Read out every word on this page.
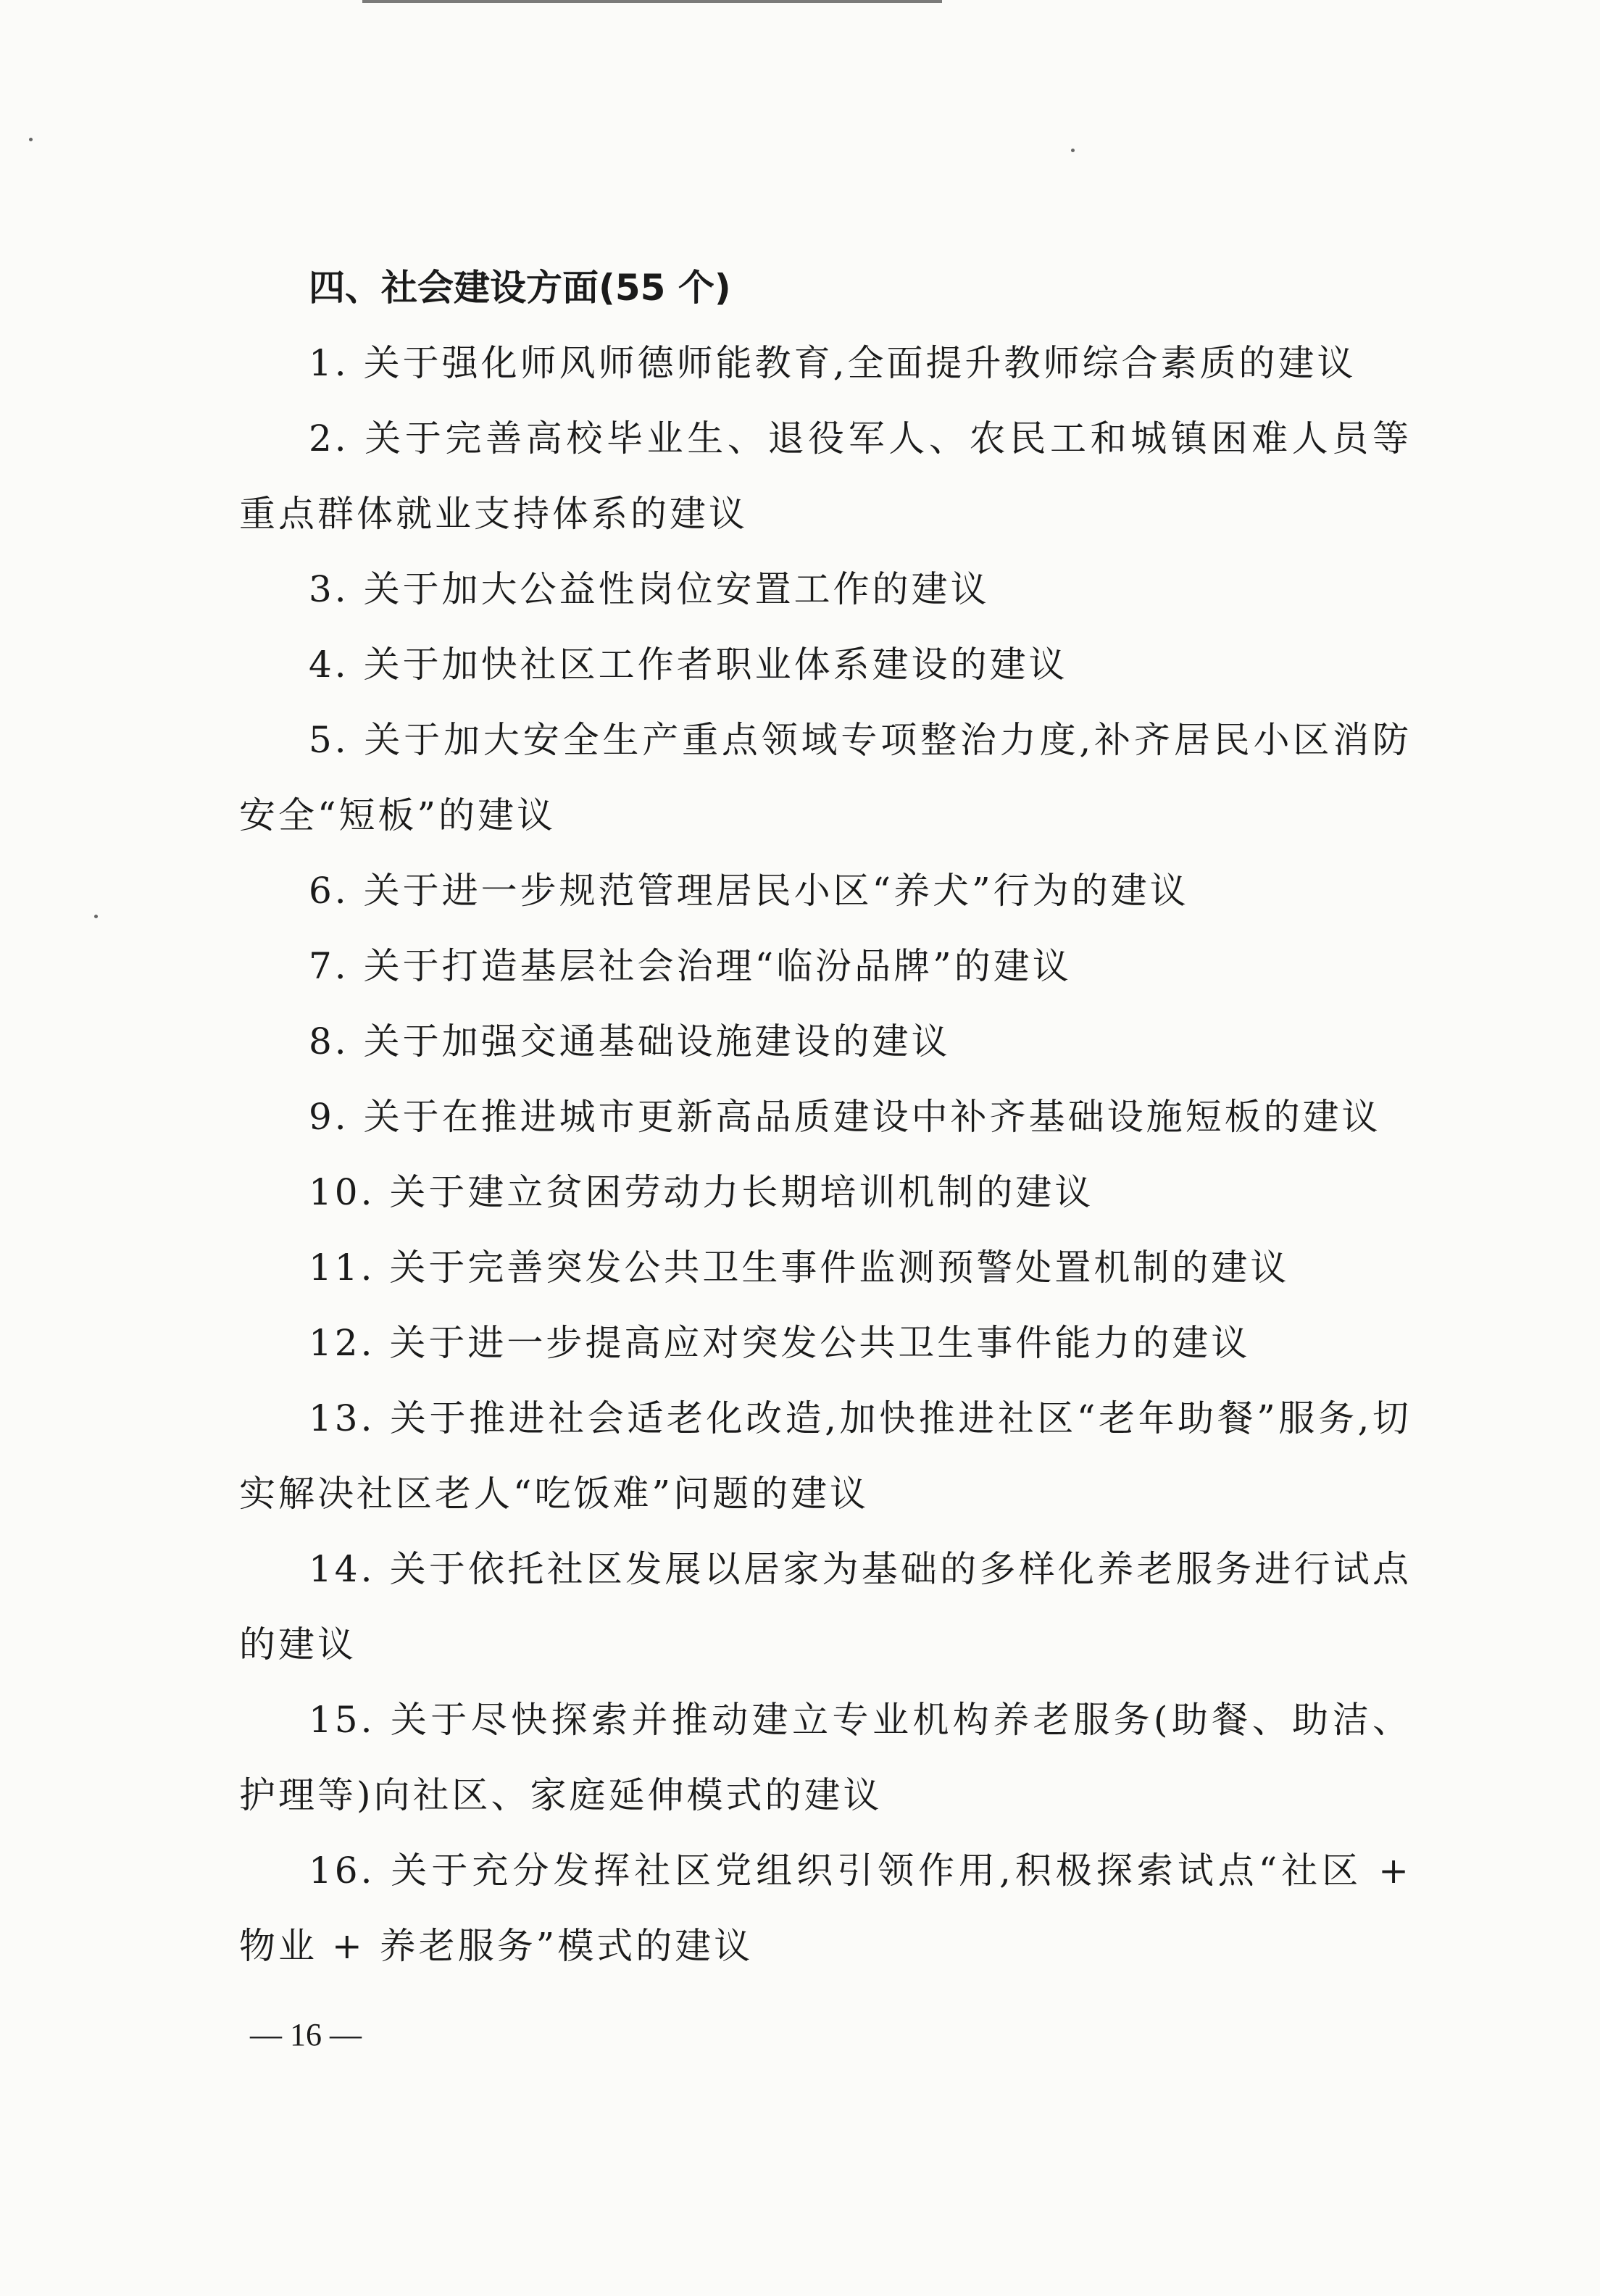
四、社会建设方面(55 个)
1. 关于强化师风师德师能教育,全面提升教师综合素质的建议
2. 关于完善高校毕业生、退役军人、农民工和城镇困难人员等重点群体就业支持体系的建议
3. 关于加大公益性岗位安置工作的建议
4. 关于加快社区工作者职业体系建设的建议
5. 关于加大安全生产重点领域专项整治力度,补齐居民小区消防安全“短板”的建议
6. 关于进一步规范管理居民小区“养犬”行为的建议
7. 关于打造基层社会治理“临汾品牌”的建议
8. 关于加强交通基础设施建设的建议
9. 关于在推进城市更新高品质建设中补齐基础设施短板的建议
10. 关于建立贫困劳动力长期培训机制的建议
11. 关于完善突发公共卫生事件监测预警处置机制的建议
12. 关于进一步提高应对突发公共卫生事件能力的建议
13. 关于推进社会适老化改造,加快推进社区“老年助餐”服务,切实解决社区老人“吃饭难”问题的建议
14. 关于依托社区发展以居家为基础的多样化养老服务进行试点的建议
15. 关于尽快探索并推动建立专业机构养老服务(助餐、助洁、护理等)向社区、家庭延伸模式的建议
16. 关于充分发挥社区党组织引领作用,积极探索试点“社区 + 物业 + 养老服务”模式的建议
— 16 —
